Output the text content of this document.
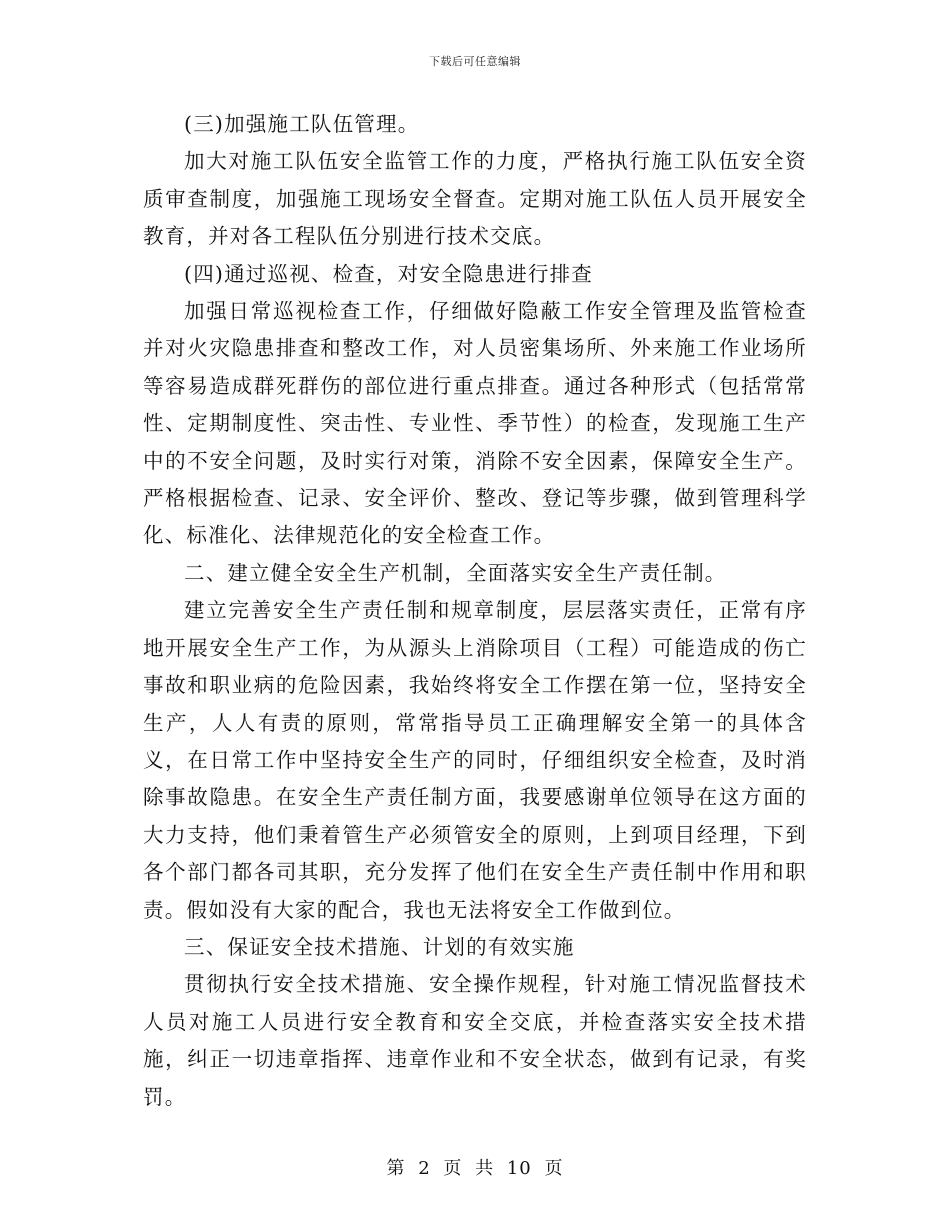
下载后可任意编辑

(三)加强施工队伍管理。

加大对施工队伍安全监管工作的力度，严格执行施工队伍安全资质审查制度，加强施工现场安全督查。定期对施工队伍人员开展安全教育，并对各工程队伍分别进行技术交底。

(四)通过巡视、检查，对安全隐患进行排查

加强日常巡视检查工作，仔细做好隐蔽工作安全管理及监管检查并对火灾隐患排查和整改工作，对人员密集场所、外来施工作业场所等容易造成群死群伤的部位进行重点排查。通过各种形式（包括常常性、定期制度性、突击性、专业性、季节性）的检查，发现施工生产中的不安全问题，及时实行对策，消除不安全因素，保障安全生产。严格根据检查、记录、安全评价、整改、登记等步骤，做到管理科学化、标准化、法律规范化的安全检查工作。

二、建立健全安全生产机制，全面落实安全生产责任制。

建立完善安全生产责任制和规章制度，层层落实责任，正常有序地开展安全生产工作，为从源头上消除项目（工程）可能造成的伤亡事故和职业病的危险因素，我始终将安全工作摆在第一位，坚持安全生产，人人有责的原则，常常指导员工正确理解安全第一的具体含义，在日常工作中坚持安全生产的同时，仔细组织安全检查，及时消除事故隐患。在安全生产责任制方面，我要感谢单位领导在这方面的大力支持，他们秉着管生产必须管安全的原则，上到项目经理，下到各个部门都各司其职，充分发挥了他们在安全生产责任制中作用和职责。假如没有大家的配合，我也无法将安全工作做到位。

三、保证安全技术措施、计划的有效实施

贯彻执行安全技术措施、安全操作规程，针对施工情况监督技术人员对施工人员进行安全教育和安全交底，并检查落实安全技术措施，纠正一切违章指挥、违章作业和不安全状态，做到有记录，有奖罚。

第 2 页 共 10 页
